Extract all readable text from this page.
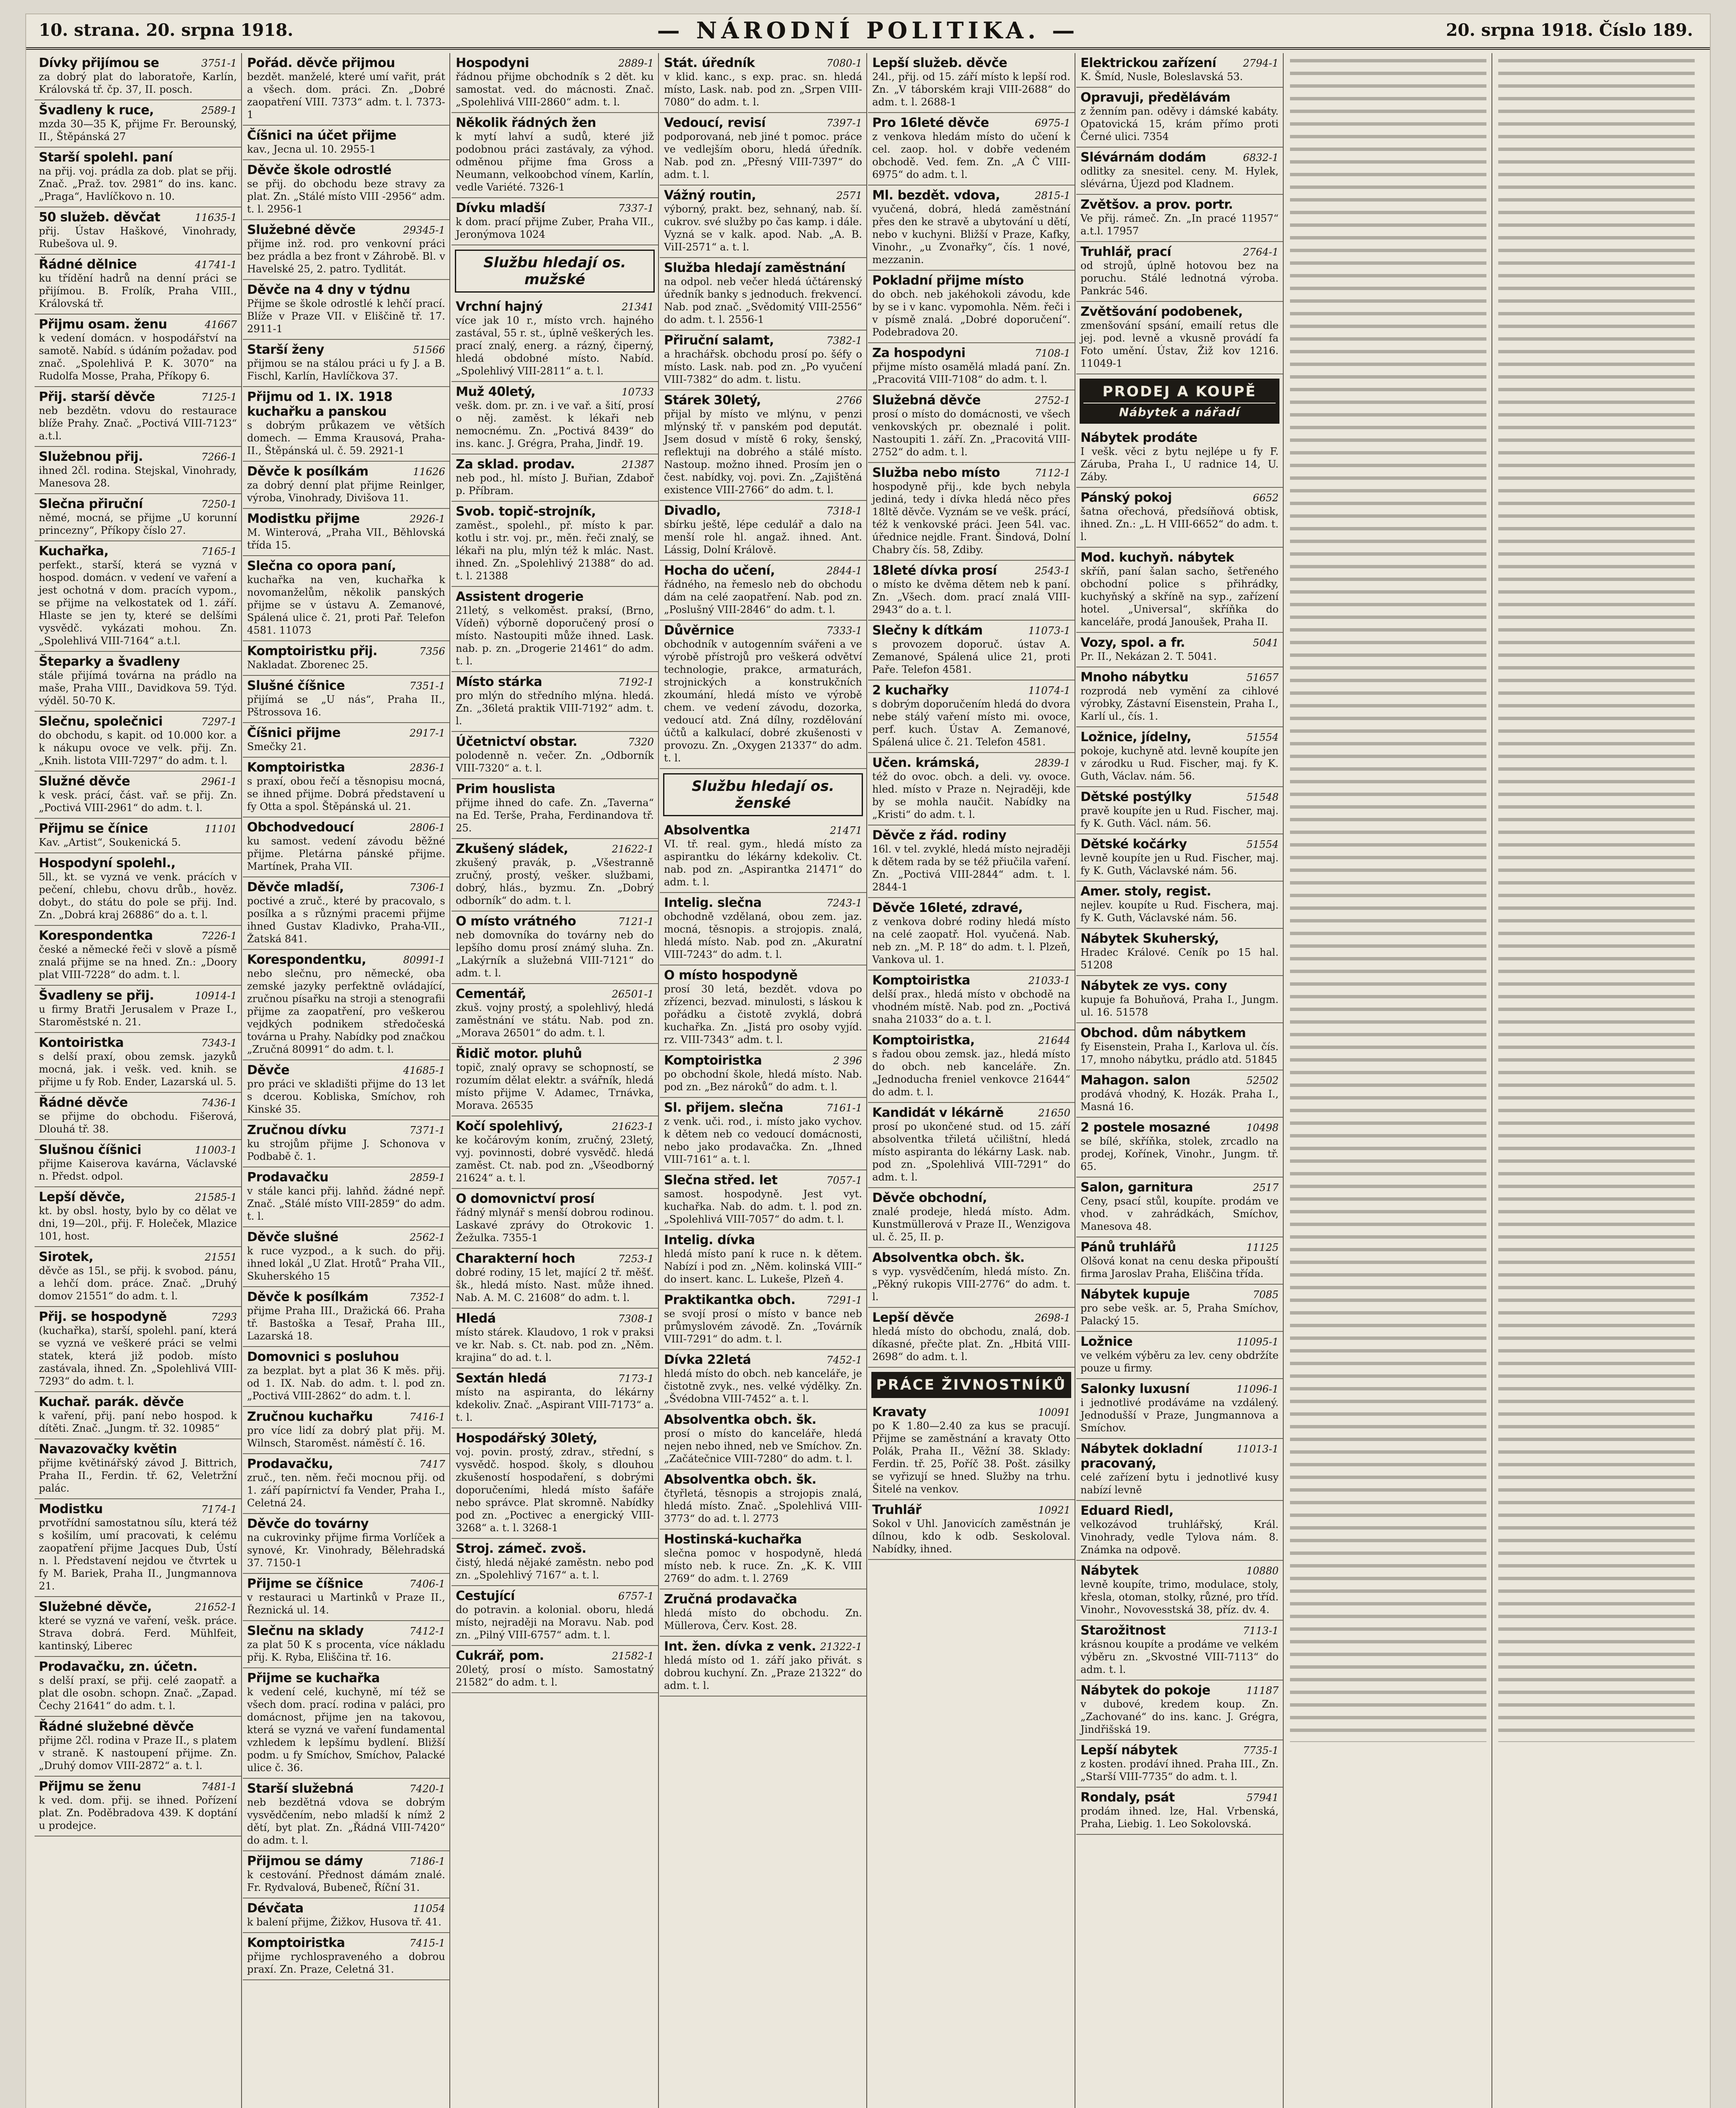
10. strana. 20. srpna 1918.	— NÁRODNÍ POLITIKA. —	20. srpna 1918. Číslo 189.
3751-1
Dívky přijímou se
za dobrý plat do laboratoře, Karlín, Královská tř. čp. 37, II. posch.
2589-1
Švadleny k ruce,
mzda 30—35 K, přijme Fr. Berounský, II., Štěpánská 27
Starší spolehl. paní
na přij. voj. prádla za dob. plat se přij. Znač. „Praž. tov. 2981“ do ins. kanc. „Praga“, Havlíčkovo n. 10.
11635-1
50 služeb. děvčat
přij. Ústav Haškové, Vinohrady, Rubešova ul. 9.
41741-1
Řádné dělnice
ku třídění hadrů na denní práci se přijímou. B. Frolík, Praha VIII., Královská tř.
41667
Přijmu osam. ženu
k vedení domácn. v hospodářství na samotě. Nabíd. s údáním požadav. pod znač. „Spolehlivá P. K. 3070“ na Rudolfa Mosse, Praha, Příkopy 6.
7125-1
Přij. starší děvče
neb bezdětn. vdovu do restaurace blíže Prahy. Znač. „Poctivá VIII-7123“ a.t.l.
7266-1
Služebnou přij.
ihned 2čl. rodina. Stejskal, Vinohrady, Manesova 28.
7250-1
Slečna přiruční
němé, mocná, se přijme „U korunní princezny“, Příkopy číslo 27.
7165-1
Kuchařka,
perfekt., starší, která se vyzná v hospod. domácn. v vedení ve vaření a jest ochotná v dom. pracích vypom., se přijme na velkostatek od 1. září. Hlaste se jen ty, které se delšími vysvědč. vykázati mohou. Zn. „Spolehlivá VIII-7164“ a.t.l.
Šteparky a švadleny
stále přijímá továrna na prádlo na maše, Praha VIII., Davidkova 59. Týd. výděl. 50-70 K.
7297-1
Slečnu, společnici
do obchodu, s kapit. od 10.000 kor. a k nákupu ovoce ve velk. přij. Zn. „Knih. listota VIII-7297“ do adm. t. l.
2961-1
Služné děvče
k vesk. prácí, část. vař. se přij. Zn. „Poctivá VIII-2961“ do adm. t. l.
11101
Přijmu se čínice
Kav. „Artist“, Soukenická 5.
Hospodyní spolehl.,
5ll., kt. se vyzná ve venk. prácích v pečení, chlebu, chovu drůb., hověz. dobyt., do státu do pole se přij. Ind. Zn. „Dobrá kraj 26886“ do a. t. l.
7226-1
Korespondentka
české a německé řeči v slově a písmě znalá přijme se na hned. Zn.: „Doory plat VIII-7228“ do adm. t. l.
10914-1
Švadleny se přij.
u firmy Bratři Jerusalem v Praze I., Staroměstské n. 21.
7343-1
Kontoiristka
s delší praxí, obou zemsk. jazyků mocná, jak. i vešk. ved. knih. se přijme u fy Rob. Ender, Lazarská ul. 5.
7436-1
Řádné děvče
se přijme do obchodu. Fišerová, Dlouhá tř. 38.
11003-1
Slušnou číšnici
přijme Kaiserova kavárna, Václavské n. Předst. odpol.
21585-1
Lepší děvče,
kt. by obsl. hosty, bylo by co dělat ve dni, 19—20l., přij. F. Holeček, Mlazice 101, host.
21551
Sirotek,
děvče as 15l., se přij. k svobod. pánu, a lehčí dom. práce. Znač. „Druhý domov 21551“ do adm. t. l.
7293
Přij. se hospodyně
(kuchařka), starší, spolehl. paní, která se vyzná ve veškeré práci se velmi statek, která již podob. místo zastávala, ihned. Zn. „Spolehlivá VIII-7293“ do adm. t. l.
Kuchař. parák. děvče
k vaření, přij. paní nebo hospod. k dítěti. Znač. „Jungm. tř. 32. 10985“
Navazovačky květin
přijme květinářský závod J. Bittrich, Praha II., Ferdin. tř. 62, Veletržní palác.
7174-1
Modistku
prvotřídní samostatnou sílu, která též s košilím, umí pracovati, k celému zaopatření přijme Jacques Dub, Ústí n. l. Představení nejdou ve čtvrtek u fy M. Bariek, Praha II., Jungmannova 21.
21652-1
Služebné děvče,
které se vyzná ve vaření, vešk. práce. Strava dobrá. Ferd. Mühlfeit, kantinský, Liberec
Prodavačku, zn. účetn.
s delší praxí, se přij. celé zaopatř. a plat dle osobn. schopn. Znač. „Zapad. Čechy 21641“ do adm. t. l.
Řádné služebné děvče
přijme 2čl. rodina v Praze II., s platem v straně. K nastoupení přijme. Zn. „Druhý domov VIII-2872“ a. t. l.
7481-1
Přijmu se ženu
k ved. dom. přij. se ihned. Pořízení plat. Zn. Poděbradova 439. K doptání u prodejce.
Pořád. děvče přijmou
bezdět. manželé, které umí vařit, prát a všech. dom. práci. Zn. „Dobré zaopatření VIII. 7373“ adm. t. l. 7373-1
Číšnici na účet přijme
kav., Jecna ul. 10. 2955-1
Děvče škole odrostlé
se přij. do obchodu beze stravy za plat. Zn. „Stálé místo VIII -2956“ adm. t. l. 2956-1
29345-1
Služebné děvče
přijme inž. rod. pro venkovní práci bez prádla a bez front v Záhrobě. Bl. v Havelské 25, 2. patro. Tydlitát.
Děvče na 4 dny v týdnu
Přijme se škole odrostlé k lehčí prací. Blíže v Praze VII. v Eliščině tř. 17. 2911-1
51566
Starší ženy
přijmou se na stálou práci u fy J. a B. Fischl, Karlín, Havlíčkova 37.
Přijmu od 1. IX. 1918 kuchařku a panskou
s dobrým průkazem ve větších domech. — Emma Krausová, Praha-II., Štěpánská ul. č. 59. 2921-1
11626
Děvče k posílkám
za dobrý denní plat přijme Reinlger, výroba, Vinohrady, Divišova 11.
2926-1
Modistku přijme
M. Winterová, „Praha VII., Běhlovská třída 15.
Slečna co opora paní,
kuchařka na ven, kuchařka k novomanželům, několik panských přijme se v ústavu A. Zemanové, Spálená ulice č. 21, proti Pař. Telefon 4581. 11073
7356
Komptoiristku přij.
Nakladat. Zborenec 25.
7351-1
Slušné číšnice
přijímá se „U nás“, Praha II., Pštrossova 16.
2917-1
Číšnici přijme
Smečky 21.
2836-1
Komptoiristka
s praxí, obou řečí a těsnopisu mocná, se ihned přijme. Dobrá představení u fy Otta a spol. Štěpánská ul. 21.
2806-1
Obchodvedoucí
ku samost. vedení závodu běžné přijme. Pletárna pánské přijme. Martínek, Praha VII.
7306-1
Děvče mladší,
poctivé a zruč., které by pracovalo, s posílka a s různými pracemi přijme ihned Gustav Kladivko, Praha-VII., Žatská 841.
80991-1
Korespondentku,
nebo slečnu, pro německé, oba zemské jazyky perfektně ovládající, zručnou písařku na stroji a stenografii přijme za zaopatření, pro veškerou vejdkých podnikem středočeská továrna u Prahy. Nabídky pod značkou „Zručná 80991“ do adm. t. l.
41685-1
Děvče
pro práci ve skladišti přijme do 13 let s dcerou. Kobliska, Smíchov, roh Kinské 35.
7371-1
Zručnou dívku
ku strojům přijme J. Schonova v Podbabě č. 1.
2859-1
Prodavačku
v stále kanci přij. lahňd. žádné nepř. Znač. „Stálé místo VIII-2859“ do adm. t. l.
2562-1
Děvče slušné
k ruce vyzpod., a k such. do přij. ihned lokál „U Zlat. Hrotů“ Praha VII., Skuherského 15
7352-1
Děvče k posílkám
přijme Praha III., Dražická 66. Praha tř. Bastoška a Tesař, Praha III., Lazarská 18.
Domovnici s posluhou
za bezplat. byt a plat 36 K měs. přij. od 1. IX. Nab. do adm. t. l. pod zn. „Poctivá VIII-2862“ do adm. t. l.
7416-1
Zručnou kuchařku
pro více lidí za dobrý plat přij. M. Wilnsch, Staroměst. náměstí č. 16.
7417
Prodavačku,
zruč., ten. něm. řeči mocnou přij. od 1. září papírnictví fa Vender, Praha I., Celetná 24.
Děvče do továrny
na cukrovinky přijme firma Vorlíček a synové, Kr. Vinohrady, Bělehradská 37. 7150-1
7406-1
Přijme se číšnice
v restauraci u Martinků v Praze II., Řeznická ul. 14.
7412-1
Slečnu na sklady
za plat 50 K s procenta, více nákladu přij. K. Ryba, Eliščina tř. 16.
Přijme se kuchařka
k vedení celé, kuchyně, mí též se všech dom. prací. rodina v paláci, pro domácnost, přijme jen na takovou, která se vyzná ve vaření fundamental vzhledem k lepšímu bydlení. Bližší podm. u fy Smíchov, Smíchov, Palacké ulice č. 36.
7420-1
Starší služebná
neb bezdětná vdova se dobrým vysvědčením, nebo mladší k nímž 2 dětí, byt plat. Zn. „Řádná VIII-7420“ do adm. t. l.
7186-1
Přijmou se dámy
k cestování. Přednost dámám znalé. Fr. Rydvalová, Bubeneč, Říční 31.
11054
Dévčata
k balení přijme, Žižkov, Husova tř. 41.
7415-1
Komptoiristka
přijme rychlospraveného a dobrou praxí. Zn. Praze, Celetná 31.
2889-1
Hospodyni
řádnou přijme obchodník s 2 dět. ku samostat. ved. do mácnosti. Znač. „Spolehlivá VIII-2860“ adm. t. l.
Několik řádných žen
k mytí lahví a sudů, které již podobnou práci zastávaly, za výhod. odměnou přijme fma Gross a Neumann, velkoobchod vínem, Karlín, vedle Variété. 7326-1
7337-1
Dívku mladší
k dom. prací přijme Zuber, Praha VII., Jeronýmova 1024
Službu hledají os. mužské
21341
Vrchní hajný
více jak 10 r., místo vrch. hajného zastával, 55 r. st., úplně veškerých les. prací znalý, energ. a rázný, čiperný, hledá obdobné místo. Nabíd. „Spolehlivý VIII-2811“ a. t. l.
10733
Muž 40letý,
vešk. dom. pr. zn. i ve vař. a šití, prosí o něj. zaměst. k lékaři neb nemocnému. Zn. „Poctivá 8439“ do ins. kanc. J. Grégra, Praha, Jindř. 19.
21387
Za sklad. prodav.
neb pod., hl. místo J. Buřian, Zdaboř p. Příbram.
Svob. topič-strojník,
zaměst., spolehl., př. místo k par. kotlu i str. voj. pr., měn. řeči znalý, se lékaři na plu, mlýn též k mlác. Nast. ihned. Zn. „Spolehlivý 21388“ do ad. t. l. 21388
Assistent drogerie
21letý, s velkoměst. praksí, (Brno, Vídeň) výborně doporučený prosí o místo. Nastoupiti může ihned. Lask. nab. p. zn. „Drogerie 21461“ do adm. t. l.
7192-1
Místo stárka
pro mlýn do středního mlýna. hledá. Zn. „36letá praktik VIII-7192“ adm. t. l.
7320
Účetnictví obstar.
polodenně n. večer. Zn. „Odborník VIII-7320“ a. t. l.
Prim houslista
přijme ihned do cafe. Zn. „Taverna“ na Ed. Terše, Praha, Ferdinandova tř. 25.
21622-1
Zkušený sládek,
zkušený pravák, p. „Všestranně zručný, prostý, vešker. službami, dobrý, hlás., byzmu. Zn. „Dobrý odborník“ do adm. t. l.
7121-1
O místo vrátného
neb domovníka do továrny neb do lepšího domu prosí známý sluha. Zn. „Lakýrník a služebná VIII-7121“ do adm. t. l.
26501-1
Cementář,
zkuš. vojny prostý, a spolehlivý, hledá zaměstnání ve státu. Nab. pod zn. „Morava 26501“ do adm. t. l.
Řidič motor. pluhů
topič, znalý opravy se schopností, se rozumím dělat elektr. a svářník, hledá místo přijme V. Adamec, Trnávka, Morava. 26535
21623-1
Kočí spolehlivý,
ke kočárovým koním, zručný, 23letý, vyj. povinnosti, dobré vysvědč. hledá zaměst. Ct. nab. pod zn. „Všeodborný 21624“ a. t. l.
O domovnictví prosí
řádný mlynář s menší dobrou rodinou. Laskavé zprávy do Otrokovic 1. Žežulka. 7355-1
7253-1
Charakterní hoch
dobré rodiny, 15 let, mající 2 tř. měšť. šk., hledá místo. Nast. může ihned. Nab. A. M. C. 21608“ do adm. t. l.
7308-1
Hledá
místo stárek. Klaudovo, 1 rok v praksi ve kr. Nab. s. Ct. nab. pod zn. „Něm. krajina“ do ad. t. l.
7173-1
Sextán hledá
místo na aspiranta, do lékárny kdekoliv. Znač. „Aspirant VIII-7173“ a. t. l.
Hospodářský 30letý,
voj. povin. prostý, zdrav., střední, s vysvědč. hospod. školy, s dlouhou zkušeností hospodaření, s dobrými doporučeními, hledá místo šafáře nebo správce. Plat skromně. Nabídky pod zn. „Poctivec a energický VIII-3268“ a. t. l. 3268-1
Stroj. zámeč. zvoš.
čistý, hledá nějaké zaměstn. nebo pod zn. „Spolehlivý 7167“ a. t. l.
6757-1
Cestující
do potravin. a kolonial. oboru, hledá místo, nejraději na Moravu. Nab. pod zn. „Pilný VIII-6757“ adm. t. l.
21582-1
Cukrář, pom.
20letý, prosí o místo. Samostatný 21582“ do adm. t. l.
7080-1
Stát. úředník
v klid. kanc., s exp. prac. sn. hledá místo, Lask. nab. pod zn. „Srpen VIII-7080“ do adm. t. l.
7397-1
Vedoucí, revisí
podporovaná, neb jiné t pomoc. práce ve vedlejším oboru, hledá úředník. Nab. pod zn. „Přesný VIII-7397“ do adm. t. l.
2571
Vážný routin,
výborný, prakt. bez, sehnaný, nab. ší. cukrov. své služby po čas kamp. i dále. Vyzná se v kalk. apod. Nab. „A. B. ViII-2571“ a. t. l.
Služba hledají zaměstnání
na odpol. neb večer hledá účtárenský úředník banky s jednoduch. frekvencí. Nab. pod znač. „Svědomitý VIII-2556“ do adm. t. l. 2556-1
7382-1
Přiruční salamt,
a hrachářsk. obchodu prosí po. šéfy o místo. Lask. nab. pod zn. „Po vyučení VIII-7382“ do adm. t. listu.
2766
Stárek 30letý,
přijal by místo ve mlýnu, v penzi mlýnský tř. v panském pod deputát. Jsem dosud v místě 6 roky, šenský, reflektuji na dobrého a stálé místo. Nastoup. možno ihned. Prosím jen o čest. nabídky, voj. povi. Zn. „Zajištěná existence VIII-2766“ do adm. t. l.
7318-1
Divadlo,
sbírku ještě, lépe cedulář a dalo na menší role hl. angaž. ihned. Ant. Lássig, Dolní Králově.
2844-1
Hocha do učení,
řádného, na řemeslo neb do obchodu dám na celé zaopatření. Nab. pod zn. „Poslušný VIII-2846“ do adm. t. l.
7333-1
Důvěrnice
obchodník v autogenním svářeni a ve výrobě přístrojů pro veškerá odvětví technologie, prakce, armaturách, strojnických a konstrukčních zkoumání, hledá místo ve výrobě chem. ve vedení závodu, dozorka, vedoucí atd. Zná dílny, rozdělování účtů a kalkulací, dobré zkušenosti v provozu. Zn. „Oxygen 21337“ do adm. t. l.
Službu hledají os. ženské
21471
Absolventka
VI. tř. real. gym., hledá místo za aspirantku do lékárny kdekoliv. Ct. nab. pod zn. „Aspirantka 21471“ do adm. t. l.
7243-1
Intelig. slečna
obchodně vzdělaná, obou zem. jaz. mocná, těsnopis. a strojopis. znalá, hledá místo. Nab. pod zn. „Akuratní VIII-7243“ do adm. t. l.
O místo hospodyně
prosí 30 letá, bezdět. vdova po zřízenci, bezvad. minulosti, s láskou k pořádku a čistotě zvyklá, dobrá kuchařka. Zn. „Jistá pro osoby vyjíd. rz. VIII-7343“ adm. t. l.
2 396
Komptoiristka
po obchodní škole, hledá místo. Nab. pod zn. „Bez nároků“ do adm. t. l.
7161-1
Sl. přijem. slečna
z venk. uči. rod., i. místo jako vychov. k dětem neb co vedoucí domácnosti, nebo jako prodavačka. Zn. „Ihned VIII-7161“ a. t. l.
7057-1
Slečna střed. let
samost. hospodyně. Jest vyt. kuchařka. Nab. do adm. t. l. pod zn. „Spolehlivá VIII-7057“ do adm. t. l.
Intelig. dívka
hledá místo paní k ruce n. k dětem. Nabízí i pod zn. „Něm. kolinská VIII-“ do insert. kanc. L. Lukeše, Plzeň 4.
7291-1
Praktikantka obch.
se svojí prosí o místo v bance neb průmyslovém závodě. Zn. „Továrník VIII-7291“ do adm. t. l.
7452-1
Dívka 22letá
hledá místo do obch. neb kanceláře, je čistotně zvyk., nes. velké výdělky. Zn. „Švédobna VIII-7452“ a. t. l.
Absolventka obch. šk.
prosí o místo do kanceláře, hledá nejen nebo ihned, neb ve Smíchov. Zn. „Začátečnice VIII-7280“ do adm. t. l.
Absolventka obch. šk.
čtyřletá, těsnopis a strojopis znalá, hledá místo. Znač. „Spolehlivá VIII-3773“ do ad. t. l. 2773
Hostinská-kuchařka
slečna pomoc v hospodyně, hledá místo neb. k ruce. Zn. „K. K. VIII 2769“ do adm. t. l. 2769
Zručná prodavačka
hledá místo do obchodu. Zn. Müllerova, Červ. Kost. 28.
21322-1
Int. žen. dívka z venk.
hledá místo od 1. září jako přivát. s dobrou kuchyní. Zn. „Praze 21322“ do adm. t. l.
Lepší služeb. děvče
24l., přij. od 15. září místo k lepší rod. Zn. „V táborském kraji VIII-2688“ do adm. t. l. 2688-1
6975-1
Pro 16leté děvče
z venkova hledám místo do učení k cel. zaop. hol. v dobře vedeném obchodě. Ved. fem. Zn. „A Č VIII-6975“ do adm. t. l.
2815-1
Ml. bezdět. vdova,
vyučená, dobrá, hledá zaměstnání přes den ke stravě a ubytování u dětí, nebo v kuchyni. Bližší v Praze, Kafky, Vinohr., „u Zvonařky“, čís. 1 nové, mezzanin.
Pokladní přijme místo
do obch. neb jakéhokoli závodu, kde by se i v kanc. vypomohla. Něm. řeči i v písmě znalá. „Dobré doporučení“. Podebradova 20.
7108-1
Za hospodyni
přijme místo osamělá mladá paní. Zn. „Pracovitá VIII-7108“ do adm. t. l.
2752-1
Služebná děvče
prosí o místo do domácnosti, ve všech venkovských pr. obeznalé i polit. Nastoupiti 1. září. Zn. „Pracovitá VIII-2752“ do adm. t. l.
7112-1
Služba nebo místo
hospodyně přij., kde bych nebyla jediná, tedy i dívka hledá něco přes 18ltě děvče. Vyznám se ve vešk. prácí, též k venkovské práci. Jeen 54l. vac. úřednice nejdle. Frant. Šindová, Dolní Chabry čís. 58, Zdiby.
2543-1
18leté dívka prosí
o místo ke dvěma dětem neb k paní. Zn. „Všech. dom. prací znalá VIII-2943“ do a. t. l.
11073-1
Slečny k dítkám
s provozem doporuč. ústav A. Zemanové, Spálená ulice 21, proti Paře. Telefon 4581.
11074-1
2 kuchařky
s dobrým doporučením hledá do dvora nebe stálý vaření místo mi. ovoce, perf. kuch. Ústav A. Zemanové, Spálená ulice č. 21. Telefon 4581.
2839-1
Učen. krámská,
též do ovoc. obch. a deli. vy. ovoce. hled. místo v Praze n. Nejraději, kde by se mohla naučit. Nabídky na „Kristi“ do adm. t. l.
Děvče z řád. rodiny
16l. v tel. zvyklé, hledá místo nejraději k dětem rada by se též přiučila vaření. Zn. „Poctivá VIII-2844“ adm. t. l. 2844-1
Děvče 16leté, zdravé,
z venkova dobré rodiny hledá místo na celé zaopatř. Hol. vyučená. Nab. neb zn. „M. P. 18“ do adm. t. l. Plzeň, Vankova ul. 1.
21033-1
Komptoiristka
delší prax., hledá místo v obchodě na vhodném místě. Nab. pod zn. „Poctivá snaha 21033“ do a. t. l.
21644
Komptoiristka,
s řadou obou zemsk. jaz., hledá místo do obch. neb kanceláře. Zn. „Jednoducha freniel venkovce 21644“ do adm. t. l.
21650
Kandidát v lékárně
prosí po ukončené stud. od 15. září absolventka třiletá učilištní, hledá místo aspiranta do lékárny Lask. nab. pod zn. „Spolehlivá VIII-7291“ do adm. t. l.
Děvče obchodní,
znalé prodeje, hledá místo. Adm. Kunstmüllerová v Praze II., Wenzigova ul. č. 25, II. p.
Absolventka obch. šk.
s vyp. vysvědčením, hledá místo. Zn. „Pěkný rukopis VIII-2776“ do adm. t. l.
2698-1
Lepší děvče
hledá místo do obchodu, znalá, dob. díkasné, přečte plat. Zn. „Hbitá VIII-2698“ do adm. t. l.
PRÁCE ŽIVNOSTNÍKŮ
10091
Kravaty
po K 1.80—2.40 za kus se pracují. Přijme se zaměstnání a kravaty Otto Polák, Praha II., Věžní 38. Sklady: Ferdin. tř. 25, Poříč 38. Pošt. zásilky se vyřizují se hned. Služby na trhu. Šitelé na venkov.
10921
Truhlář
Sokol v Uhl. Janovicích zaměstnán je dílnou, kdo k odb. Seskoloval. Nabídky, ihned.
2794-1
Elektrickou zařízení
K. Šmíd, Nusle, Boleslavská 53.
Opravuji, předělávám
z ženním pan. oděvy i dámské kabáty. Opatovická 15, krám přímo proti Černé ulici. 7354
6832-1
Slévárnám dodám
odlitky za snesitel. ceny. M. Hylek, slévárna, Újezd pod Kladnem.
Zvětšov. a prov. portr.
Ve přij. rámeč. Zn. „In pracé 11957“ a.t.l. 17957
2764-1
Truhlář, prací
od strojů, úplně hotovou bez na poruchu. Stálé lednotná výroba. Pankrác 546.
Zvětšování podobenek,
zmenšování spsání, emailí retus dle jej. pod. levně a vkusně provádí fa Foto umění. Ústav, Žiž kov 1216. 11049-1
PRODEJ A KOUPĚ
Nábytek a nářadí
Nábytek prodáte
I vešk. věci z bytu nejlépe u fy F. Záruba, Praha I., U radnice 14, U. Záby.
6652
Pánský pokoj
šatna ořechová, předsíňová obtisk, ihned. Zn.: „L. H VIII-6652“ do adm. t. l.
Mod. kuchyň. nábytek
skříň, paní šalan sacho, šetřeného obchodní police s přihrádky, kuchyňský a skříně na syp., zařízení hotel. „Universal“, skříňka do kanceláře, prodá Janoušek, Praha II.
5041
Vozy, spol. a fr.
Pr. II., Nekázan 2. T. 5041.
51657
Mnoho nábytku
rozprodá neb vymění za cihlové výrobky, Zástavní Eisenstein, Praha I., Karlí ul., čís. 1.
51554
Ložnice, jídelny,
pokoje, kuchyně atd. levně koupíte jen v zárodku u Rud. Fischer, maj. fy K. Guth, Václav. nám. 56.
51548
Dětské postýlky
pravě koupíte jen u Rud. Fischer, maj. fy K. Guth. Václ. nám. 56.
51554
Dětské kočárky
levně koupíte jen u Rud. Fischer, maj. fy K. Guth, Václavské nám. 56.
Amer. stoly, regist.
nejlev. koupíte u Rud. Fischera, maj. fy K. Guth, Václavské nám. 56.
Nábytek Skuherský,
Hradec Králové. Ceník po 15 hal. 51208
Nábytek ze vys. cony
kupuje fa Bohuňová, Praha I., Jungm. ul. 16. 51578
Obchod. dům nábytkem
fy Eisenstein, Praha I., Karlova ul. čís. 17, mnoho nábytku, prádlo atd. 51845
52502
Mahagon. salon
prodává vhodný, K. Hozák. Praha I., Masná 16.
10498
2 postele mosazné
se bílé, skříňka, stolek, zrcadlo na prodej, Kořínek, Vinohr., Jungm. tř. 65.
2517
Salon, garnitura
Ceny, psací stůl, koupíte. prodám ve vhod. v zahrádkách, Smíchov, Manesova 48.
11125
Pánů truhlářů
Olšová konat na cenu deska připouští firma Jaroslav Praha, Eliščina třída.
7085
Nábytek kupuje
pro sebe vešk. ar. 5, Praha Smíchov, Palacký 15.
11095-1
Ložnice
ve velkém výběru za lev. ceny obdržíte pouze u firmy.
11096-1
Salonky luxusní
i jednotlivé prodáváme na vzdálený. Jednodušší v Praze, Jungmannova a Smíchov.
11013-1
Nábytek dokladní pracovaný,
celé zařízení bytu i jednotlivé kusy nabízí levně
Eduard Riedl,
velkozávod truhlářský, Král. Vinohrady, vedle Tylova nám. 8. Známka na odpově.
10880
Nábytek
levně koupíte, trimo, modulace, stoly, křesla, otoman, stolky, různé, pro tříd. Vinohr., Novovesstská 38, příz. dv. 4.
7113-1
Starožitnost
krásnou koupíte a prodáme ve velkém výběru zn. „Skvostné VIII-7113“ do adm. t. l.
11187
Nábytek do pokoje
v dubové, kredem koup. Zn. „Zachované“ do ins. kanc. J. Grégra, Jindřišská 19.
7735-1
Lepší nábytek
z kosten. prodáví ihned. Praha III., Zn. „Starší VIII-7735“ do adm. t. l.
57941
Rondaly, psát
prodám ihned. lze, Hal. Vrbenská, Praha, Liebig. 1. Leo Sokolovská.
